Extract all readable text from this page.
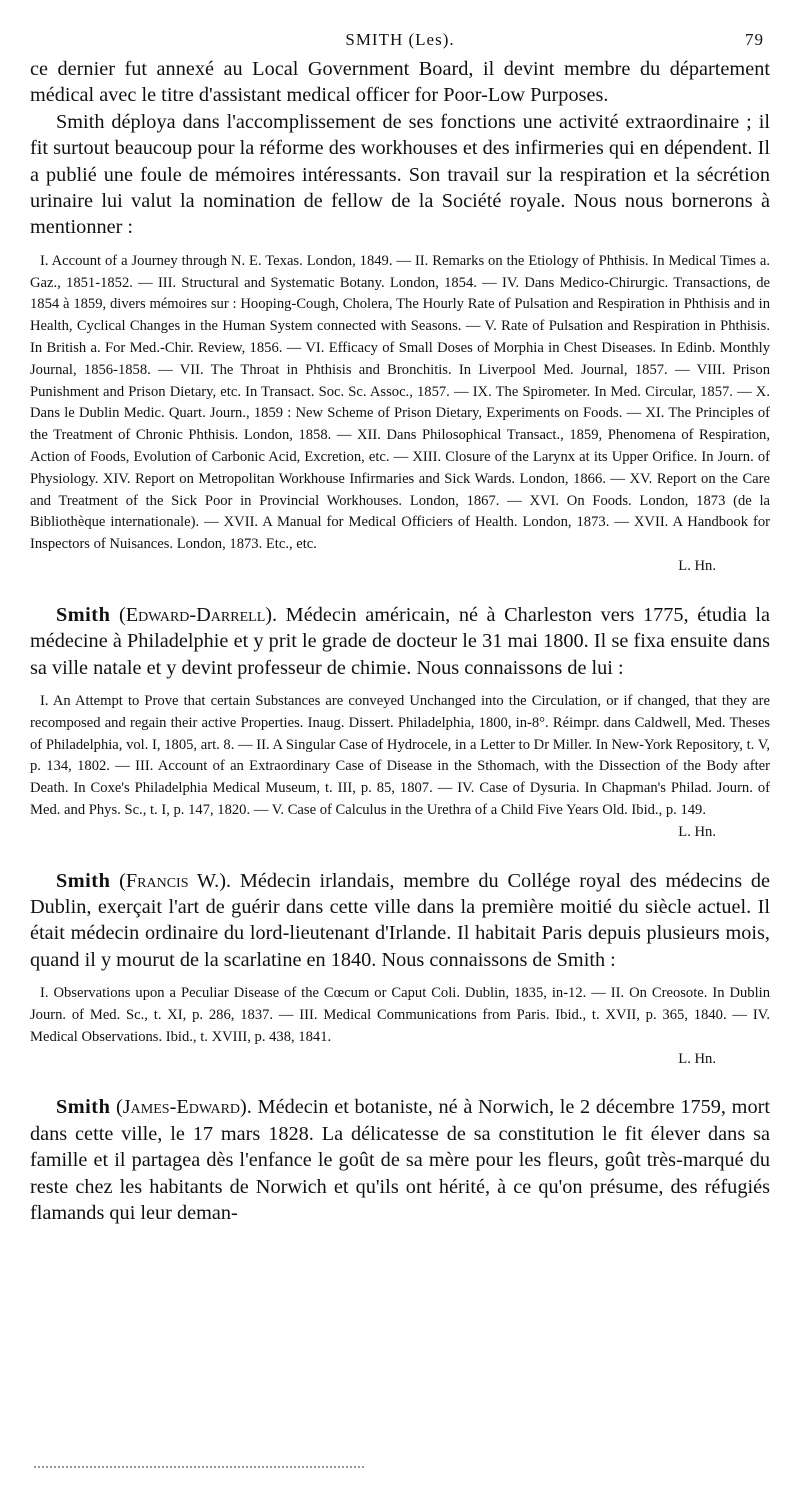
SMITH (Les).	79

ce dernier fut annexé au Local Government Board, il devint membre du département médical avec le titre d'assistant medical officer for Poor-Low Purposes.

Smith déploya dans l'accomplissement de ses fonctions une activité extraordinaire ; il fit surtout beaucoup pour la réforme des workhouses et des infirmeries qui en dépendent. Il a publié une foule de mémoires intéressants. Son travail sur la respiration et la sécrétion urinaire lui valut la nomination de fellow de la Société royale. Nous nous bornerons à mentionner :

I. Account of a Journey through N. E. Texas. London, 1849. — II. Remarks on the Etiology of Phthisis. In Medical Times a. Gaz., 1851-1852. — III. Structural and Systematic Botany. London, 1854. — IV. Dans Medico-Chirurgic. Transactions, de 1854 à 1859, divers mémoires sur : Hooping-Cough, Cholera, The Hourly Rate of Pulsation and Respiration in Phthisis and in Health, Cyclical Changes in the Human System connected with Seasons. — V. Rate of Pulsation and Respiration in Phthisis. In British a. For Med.-Chir. Review, 1856. — VI. Efficacy of Small Doses of Morphia in Chest Diseases. In Edinb. Monthly Journal, 1856-1858. — VII. The Throat in Phthisis and Bronchitis. In Liverpool Med. Journal, 1857. — VIII. Prison Punishment and Prison Dietary, etc. In Transact. Soc. Sc. Assoc., 1857. — IX. The Spirometer. In Med. Circular, 1857. — X. Dans le Dublin Medic. Quart. Journ., 1859 : New Scheme of Prison Dietary, Experiments on Foods. — XI. The Principles of the Treatment of Chronic Phthisis. London, 1858. — XII. Dans Philosophical Transact., 1859, Phenomena of Respiration, Action of Foods, Evolution of Carbonic Acid, Excretion, etc. — XIII. Closure of the Larynx at its Upper Orifice. In Journ. of Physiology. XIV. Report on Metropolitan Workhouse Infirmaries and Sick Wards. London, 1866. — XV. Report on the Care and Treatment of the Sick Poor in Provincial Workhouses. London, 1867. — XVI. On Foods. London, 1873 (de la Bibliothèque internationale). — XVII. A Manual for Medical Officiers of Health. London, 1873. — XVII. A Handbook for Inspectors of Nuisances. London, 1873. Etc., etc.

L. Hn.

Smith (Edward-Darrell). Médecin américain, né à Charleston vers 1775, étudia la médecine à Philadelphie et y prit le grade de docteur le 31 mai 1800. Il se fixa ensuite dans sa ville natale et y devint professeur de chimie. Nous connaissons de lui :

I. An Attempt to Prove that certain Substances are conveyed Unchanged into the Circulation, or if changed, that they are recomposed and regain their active Properties. Inaug. Dissert. Philadelphia, 1800, in-8°. Réimpr. dans Caldwell, Med. Theses of Philadelphia, vol. I, 1805, art. 8. — II. A Singular Case of Hydrocele, in a Letter to Dr Miller. In New-York Repository, t. V, p. 134, 1802. — III. Account of an Extraordinary Case of Disease in the Sthomach, with the Dissection of the Body after Death. In Coxe's Philadelphia Medical Museum, t. III, p. 85, 1807. — IV. Case of Dysuria. In Chapman's Philad. Journ. of Med. and Phys. Sc., t. I, p. 147, 1820. — V. Case of Calculus in the Urethra of a Child Five Years Old. Ibid., p. 149.

L. Hn.

Smith (Francis W.). Médecin irlandais, membre du Collége royal des médecins de Dublin, exerçait l'art de guérir dans cette ville dans la première moitié du siècle actuel. Il était médecin ordinaire du lord-lieutenant d'Irlande. Il habitait Paris depuis plusieurs mois, quand il y mourut de la scarlatine en 1840. Nous connaissons de Smith :

I. Observations upon a Peculiar Disease of the Cœcum or Caput Coli. Dublin, 1835, in-12. — II. On Creosote. In Dublin Journ. of Med. Sc., t. XI, p. 286, 1837. — III. Medical Communications from Paris. Ibid., t. XVII, p. 365, 1840. — IV. Medical Observations. Ibid., t. XVIII, p. 438, 1841.

L. Hn.

Smith (James-Edward). Médecin et botaniste, né à Norwich, le 2 décembre 1759, mort dans cette ville, le 17 mars 1828. La délicatesse de sa constitution le fit élever dans sa famille et il partagea dès l'enfance le goût de sa mère pour les fleurs, goût très-marqué du reste chez les habitants de Norwich et qu'ils ont hérité, à ce qu'on présume, des réfugiés flamands qui leur deman-
